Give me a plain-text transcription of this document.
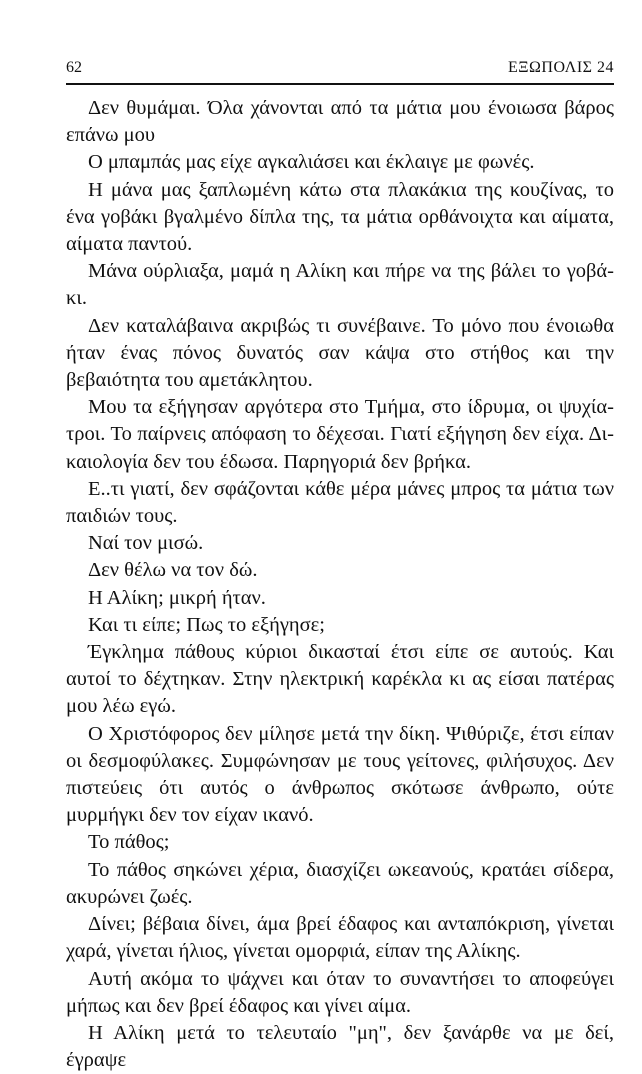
62	ΕΞΩΠΟΛΙΣ 24

Δεν θυμάμαι. Όλα χάνονται από τα μάτια μου ένοιωσα βάρος επάνω μου

Ο μπαμπάς μας είχε αγκαλιάσει και έκλαιγε με φωνές.

Η μάνα μας ξαπλωμένη κάτω στα πλακάκια της κουζίνας, το ένα γοβάκι βγαλμένο δίπλα της, τα μάτια ορθάνοιχτα και αίματα, αίματα παντού.

Μάνα ούρλιαξα, μαμά η Αλίκη και πήρε να της βάλει το γοβάκι.

Δεν καταλάβαινα ακριβώς τι συνέβαινε. Το μόνο που ένοιωθα ήταν ένας πόνος δυνατός σαν κάψα στο στήθος και την βεβαιότητα του αμετάκλητου.

Μου τα εξήγησαν αργότερα στο Τμήμα, στο ίδρυμα, οι ψυχίατροι. Το παίρνεις απόφαση το δέχεσαι. Γιατί εξήγηση δεν είχα. Δικαιολογία δεν του έδωσα. Παρηγοριά δεν βρήκα.

Ε..τι γιατί, δεν σφάζονται κάθε μέρα μάνες μπρος τα μάτια των παιδιών τους.

Ναί τον μισώ.

Δεν θέλω να τον δώ.

Η Αλίκη; μικρή ήταν.

Και τι είπε; Πως το εξήγησε;

Έγκλημα πάθους κύριοι δικασταί έτσι είπε σε αυτούς. Και αυτοί το δέχτηκαν. Στην ηλεκτρική καρέκλα κι ας είσαι πατέρας μου λέω εγώ.

Ο Χριστόφορος δεν μίλησε μετά την δίκη. Ψιθύριζε, έτσι είπαν οι δεσμοφύλακες. Συμφώνησαν με τους γείτονες, φιλήσυχος. Δεν πιστεύεις ότι αυτός ο άνθρωπος σκότωσε άνθρωπο, ούτε μυρμήγκι δεν τον είχαν ικανό.

Το πάθος;

Το πάθος σηκώνει χέρια, διασχίζει ωκεανούς, κρατάει σίδερα, ακυρώνει ζωές.

Δίνει; βέβαια δίνει, άμα βρεί έδαφος και ανταπόκριση, γίνεται χαρά, γίνεται ήλιος, γίνεται ομορφιά, είπαν της Αλίκης.

Αυτή ακόμα το ψάχνει και όταν το συναντήσει το αποφεύγει μήπως και δεν βρεί έδαφος και γίνει αίμα.

Η Αλίκη μετά το τελευταίο "μη", δεν ξανάρθε να με δεί, έγραψε
